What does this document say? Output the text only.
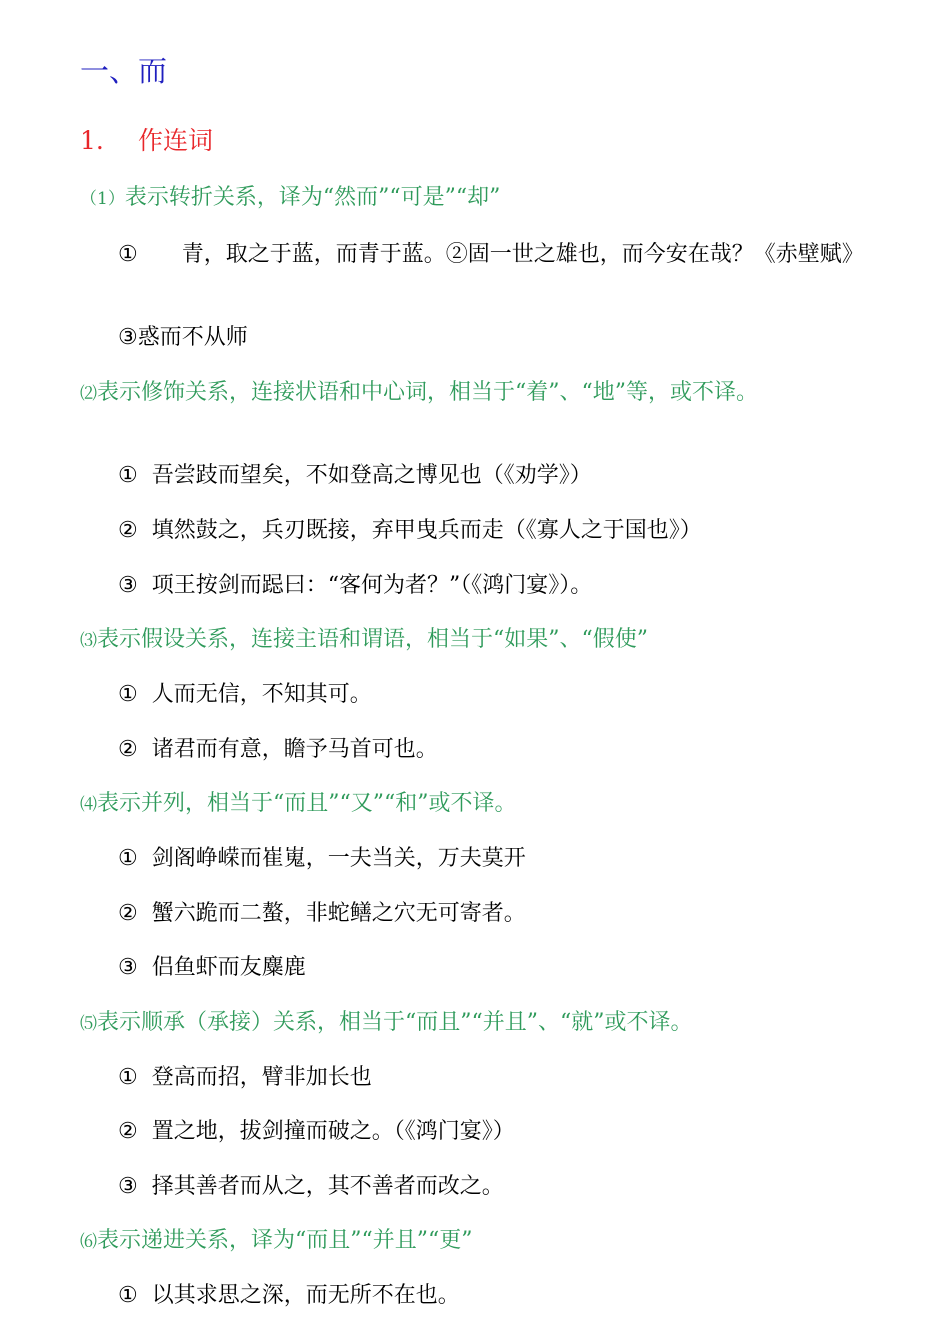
一、而
1. 作连词
（1）表示转折关系，译为“然而”“可是”“却”
① 青，取之于蓝，而青于蓝。②固一世之雄也，而今安在哉？《赤壁赋》
③惑而不从师
⑵表示修饰关系，连接状语和中心词，相当于“着”、“地”等，或不译。
① 吾尝跂而望矣，不如登高之博见也（《劝学》）
② 填然鼓之，兵刃既接，弃甲曳兵而走（《寡人之于国也》）
③ 项王按剑而跽曰：“客何为者？”（《鸿门宴》）。
⑶表示假设关系，连接主语和谓语，相当于“如果”、“假使”
① 人而无信，不知其可。
② 诸君而有意，瞻予马首可也。
⑷表示并列，相当于“而且”“又”“和”或不译。
① 剑阁峥嵘而崔嵬，一夫当关，万夫莫开
② 蟹六跪而二螯，非蛇鳝之穴无可寄者。
③ 侣鱼虾而友麋鹿
⑸表示顺承（承接）关系，相当于“而且”“并且”、“就”或不译。
① 登高而招，臂非加长也
② 置之地，拔剑撞而破之。（《鸿门宴》）
③ 择其善者而从之，其不善者而改之。
⑹表示递进关系，译为“而且”“并且”“更”
① 以其求思之深，而无所不在也。
